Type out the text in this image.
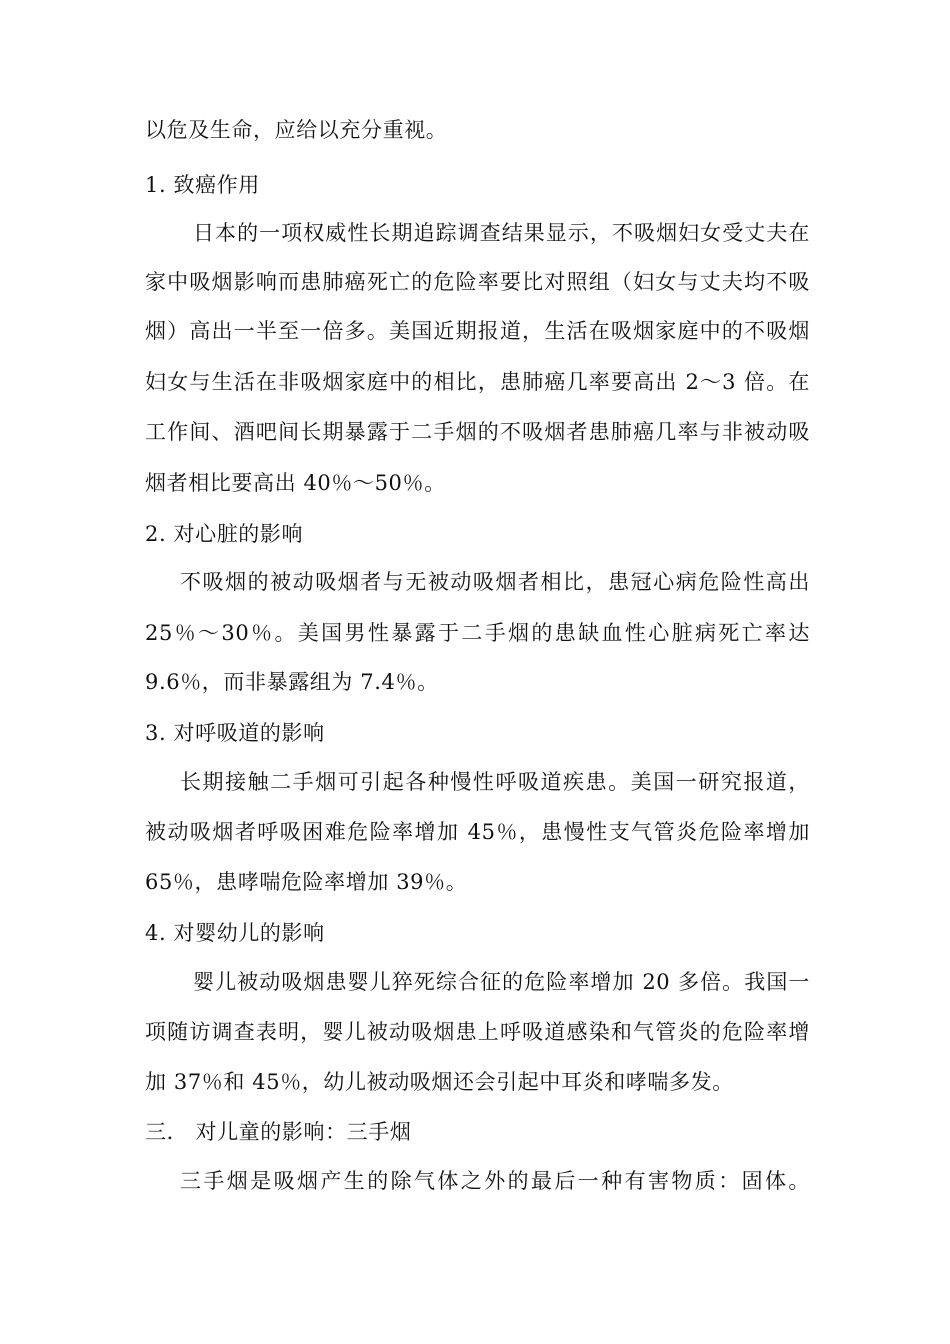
以危及生命，应给以充分重视。
1. 致癌作用
日本的一项权威性长期追踪调查结果显示，不吸烟妇女受丈夫在
家中吸烟影响而患肺癌死亡的危险率要比对照组（妇女与丈夫均不吸
烟）高出一半至一倍多。美国近期报道，生活在吸烟家庭中的不吸烟
妇女与生活在非吸烟家庭中的相比，患肺癌几率要高出 2～3 倍。在
工作间、酒吧间长期暴露于二手烟的不吸烟者患肺癌几率与非被动吸
烟者相比要高出 40％～50％。
2. 对心脏的影响
不吸烟的被动吸烟者与无被动吸烟者相比，患冠心病危险性高出
25％～30％。美国男性暴露于二手烟的患缺血性心脏病死亡率达
9.6％，而非暴露组为 7.4％。
3. 对呼吸道的影响
长期接触二手烟可引起各种慢性呼吸道疾患。美国一研究报道，
被动吸烟者呼吸困难危险率增加 45％，患慢性支气管炎危险率增加
65％，患哮喘危险率增加 39％。
4. 对婴幼儿的影响
婴儿被动吸烟患婴儿猝死综合征的危险率增加 20 多倍。我国一
项随访调查表明，婴儿被动吸烟患上呼吸道感染和气管炎的危险率增
加 37％和 45％，幼儿被动吸烟还会引起中耳炎和哮喘多发。
三． 对儿童的影响：三手烟
三手烟是吸烟产生的除气体之外的最后一种有害物质：固体。
